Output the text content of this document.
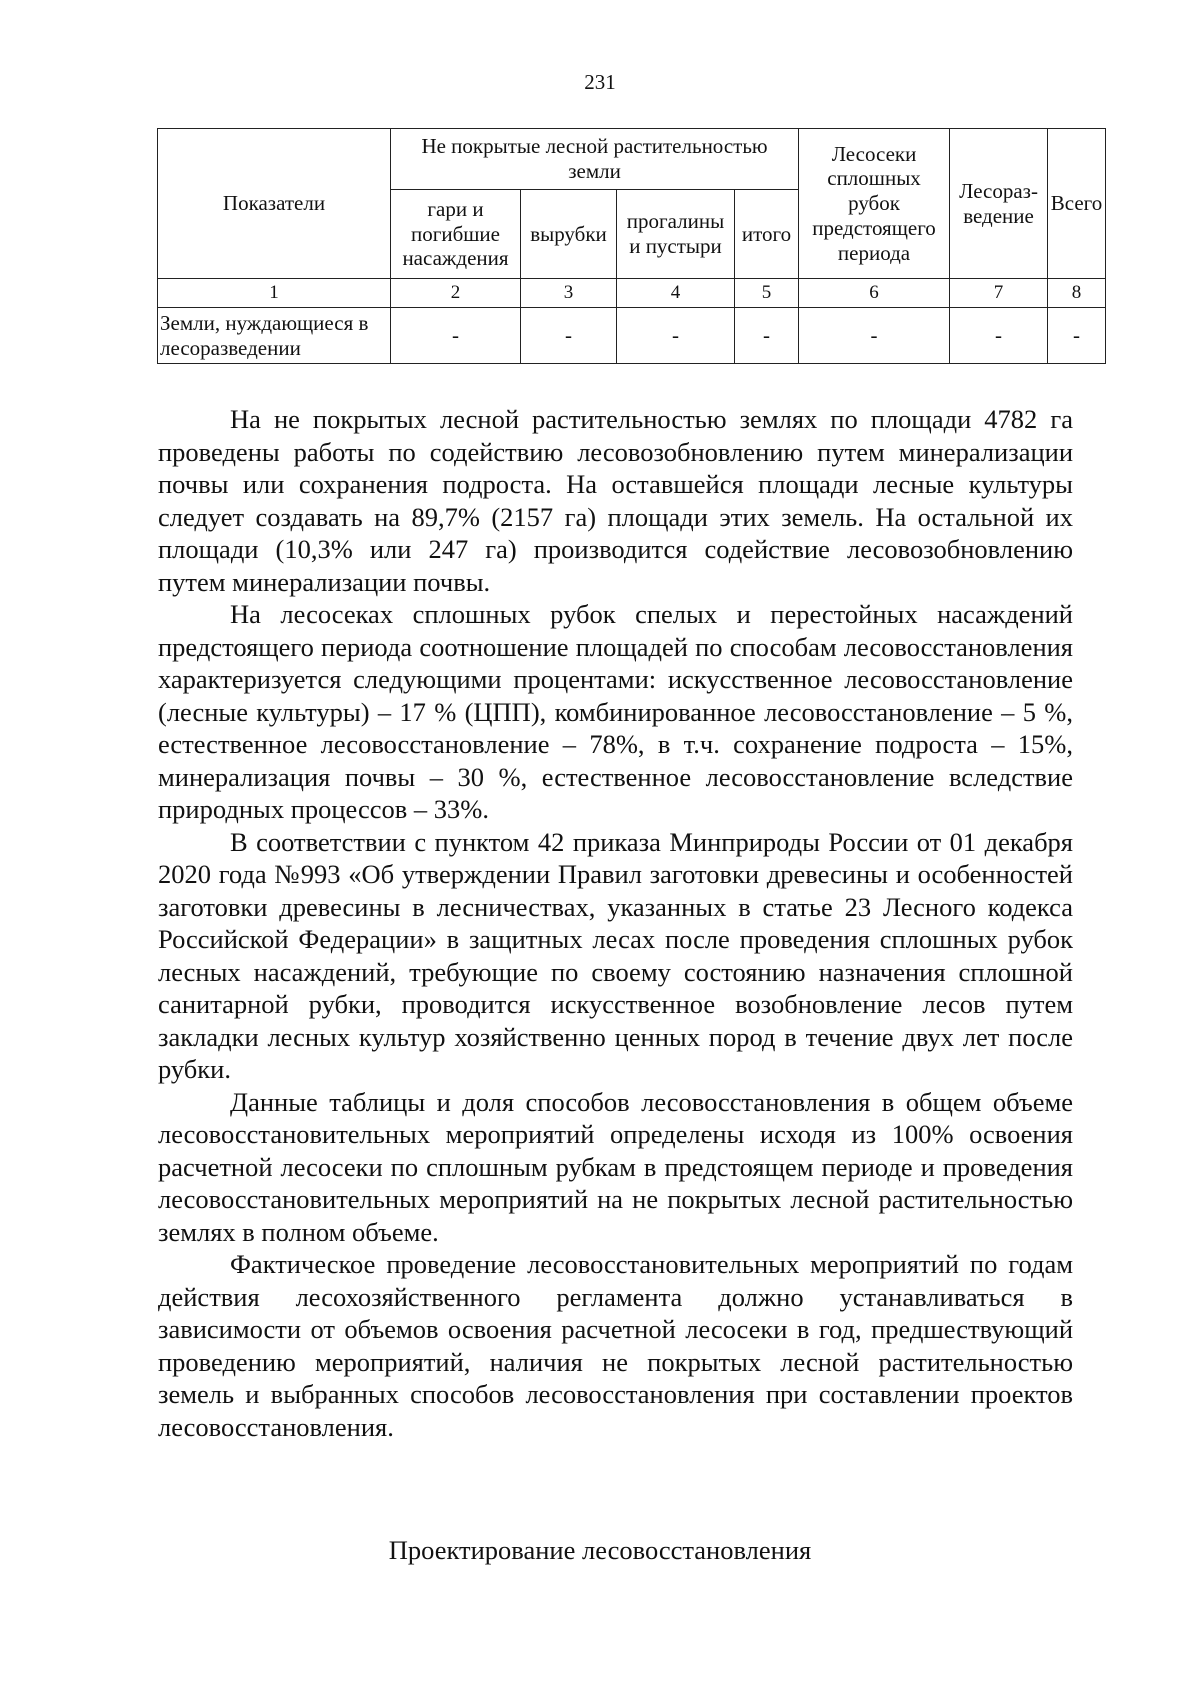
231
Показатели	Не покрытые лесной растительностью земли				Лесосеки сплошных рубок предстоящего периода	Лесораз-ведение	Всего
	гари и погибшие насаждения	вырубки	прогалины и пустыри	итого			
1	2	3	4	5	6	7	8
Земли, нуждающиеся в лесоразведении	-	-	-	-	-	-	-

На не покрытых лесной растительностью землях по площади 4782 га проведены работы по содействию лесовозобновлению путем минерализации почвы или сохранения подроста. На оставшейся площади лесные культуры следует создавать на 89,7% (2157 га) площади этих земель. На остальной их площади (10,3% или 247 га) производится содействие лесовозобновлению путем минерализации почвы.

На лесосеках сплошных рубок спелых и перестойных насаждений предстоящего периода соотношение площадей по способам лесовосстановления характеризуется следующими процентами: искусственное лесовосстановление (лесные культуры) – 17 % (ЦПП), комбинированное лесовосстановление – 5 %, естественное лесовосстановление – 78%, в т.ч. сохранение подроста – 15%, минерализация почвы – 30 %, естественное лесовосстановление вследствие природных процессов – 33%.

В соответствии с пунктом 42 приказа Минприроды России от 01 декабря 2020 года №993 «Об утверждении Правил заготовки древесины и особенностей заготовки древесины в лесничествах, указанных в статье 23 Лесного кодекса Российской Федерации» в защитных лесах после проведения сплошных рубок лесных насаждений, требующие по своему состоянию назначения сплошной санитарной рубки, проводится искусственное возобновление лесов путем закладки лесных культур хозяйственно ценных пород в течение двух лет после рубки.

Данные таблицы и доля способов лесовосстановления в общем объеме лесовосстановительных мероприятий определены исходя из 100% освоения расчетной лесосеки по сплошным рубкам в предстоящем периоде и проведения лесовосстановительных мероприятий на не покрытых лесной растительностью землях в полном объеме.

Фактическое проведение лесовосстановительных мероприятий по годам действия лесохозяйственного регламента должно устанавливаться в зависимости от объемов освоения расчетной лесосеки в год, предшествующий проведению мероприятий, наличия не покрытых лесной растительностью земель и выбранных способов лесовосстановления при составлении проектов лесовосстановления.

Проектирование лесовосстановления
